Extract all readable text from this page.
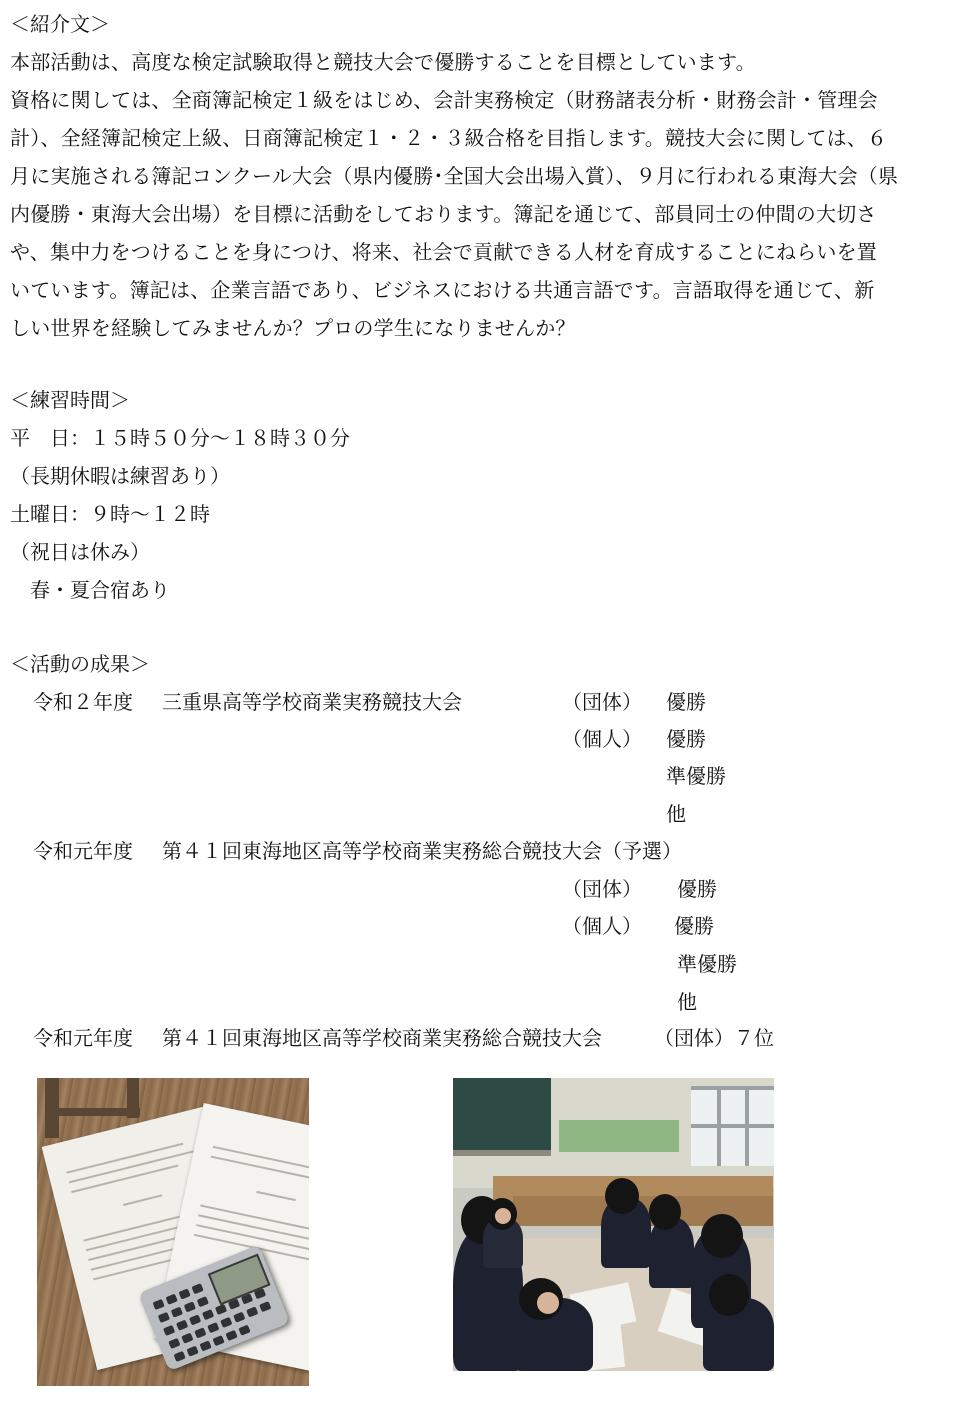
＜紹介文＞
本部活動は、高度な検定試験取得と競技大会で優勝することを目標としています。
資格に関しては、全商簿記検定１級をはじめ、会計実務検定（財務諸表分析・財務会計・管理会
計）、全経簿記検定上級、日商簿記検定１・２・３級合格を目指します。競技大会に関しては、６
月に実施される簿記コンクール大会（県内優勝･全国大会出場入賞）、９月に行われる東海大会（県
内優勝・東海大会出場）を目標に活動をしております。簿記を通じて、部員同士の仲間の大切さ
や、集中力をつけることを身につけ、将来、社会で貢献できる人材を育成することにねらいを置
いています。簿記は、企業言語であり、ビジネスにおける共通言語です。言語取得を通じて、新
しい世界を経験してみませんか？プロの学生になりませんか？
＜練習時間＞
平　日：１５時５０分～１８時３０分
（長期休暇は練習あり）
土曜日：９時～１２時
（祝日は休み）
春・夏合宿あり
＜活動の成果＞
令和２年度 三重県高等学校商業実務競技大会	（団体） 優勝
（個人） 優勝
準優勝
他
令和元年度 第４１回東海地区高等学校商業実務総合競技大会（予選）
（団体） 優勝
（個人） 優勝
準優勝
他
令和元年度 第４１回東海地区高等学校商業実務総合競技大会	（団体）７位
